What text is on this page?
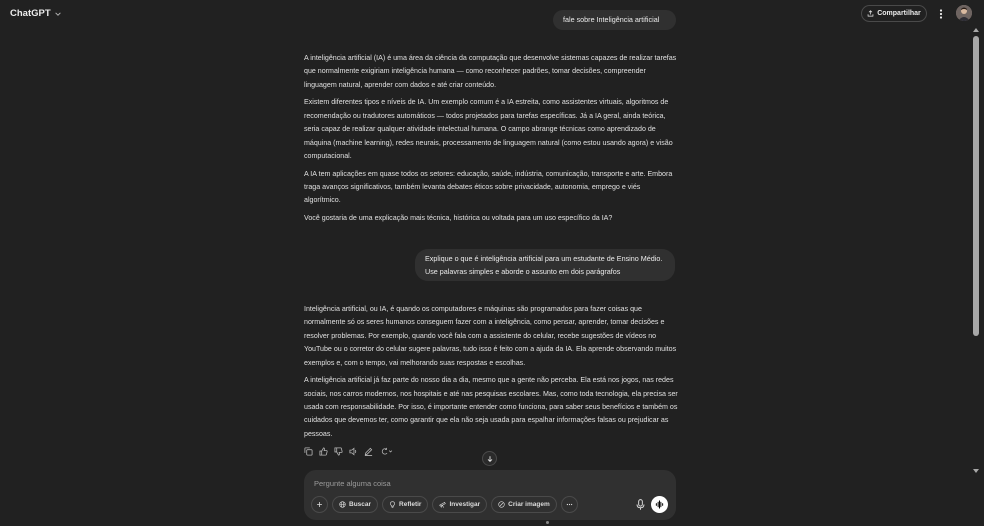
ChatGPT	Compartilhar
fale sobre Inteligência artificial

A inteligência artificial (IA) é uma área da ciência da computação que desenvolve sistemas capazes de realizar tarefas que normalmente exigiriam inteligência humana — como reconhecer padrões, tomar decisões, compreender linguagem natural, aprender com dados e até criar conteúdo.

Existem diferentes tipos e níveis de IA. Um exemplo comum é a IA estreita, como assistentes virtuais, algoritmos de recomendação ou tradutores automáticos — todos projetados para tarefas específicas. Já a IA geral, ainda teórica, seria capaz de realizar qualquer atividade intelectual humana. O campo abrange técnicas como aprendizado de máquina (machine learning), redes neurais, processamento de linguagem natural (como estou usando agora) e visão computacional.

A IA tem aplicações em quase todos os setores: educação, saúde, indústria, comunicação, transporte e arte. Embora traga avanços significativos, também levanta debates éticos sobre privacidade, autonomia, emprego e viés algorítmico.

Você gostaria de uma explicação mais técnica, histórica ou voltada para um uso específico da IA?

Explique o que é inteligência artificial para um estudante de Ensino Médio. Use palavras simples e aborde o assunto em dois parágrafos

Inteligência artificial, ou IA, é quando os computadores e máquinas são programados para fazer coisas que normalmente só os seres humanos conseguem fazer com a inteligência, como pensar, aprender, tomar decisões e resolver problemas. Por exemplo, quando você fala com a assistente do celular, recebe sugestões de vídeos no YouTube ou o corretor do celular sugere palavras, tudo isso é feito com a ajuda da IA. Ela aprende observando muitos exemplos e, com o tempo, vai melhorando suas respostas e escolhas.

A inteligência artificial já faz parte do nosso dia a dia, mesmo que a gente não perceba. Ela está nos jogos, nas redes sociais, nos carros modernos, nos hospitais e até nas pesquisas escolares. Mas, como toda tecnologia, ela precisa ser usada com responsabilidade. Por isso, é importante entender como funciona, para saber seus benefícios e também os cuidados que devemos ter, como garantir que ela não seja usada para espalhar informações falsas ou prejudicar as pessoas.

Pergunte alguma coisa
Buscar	Refletir	Investigar	Criar imagem
